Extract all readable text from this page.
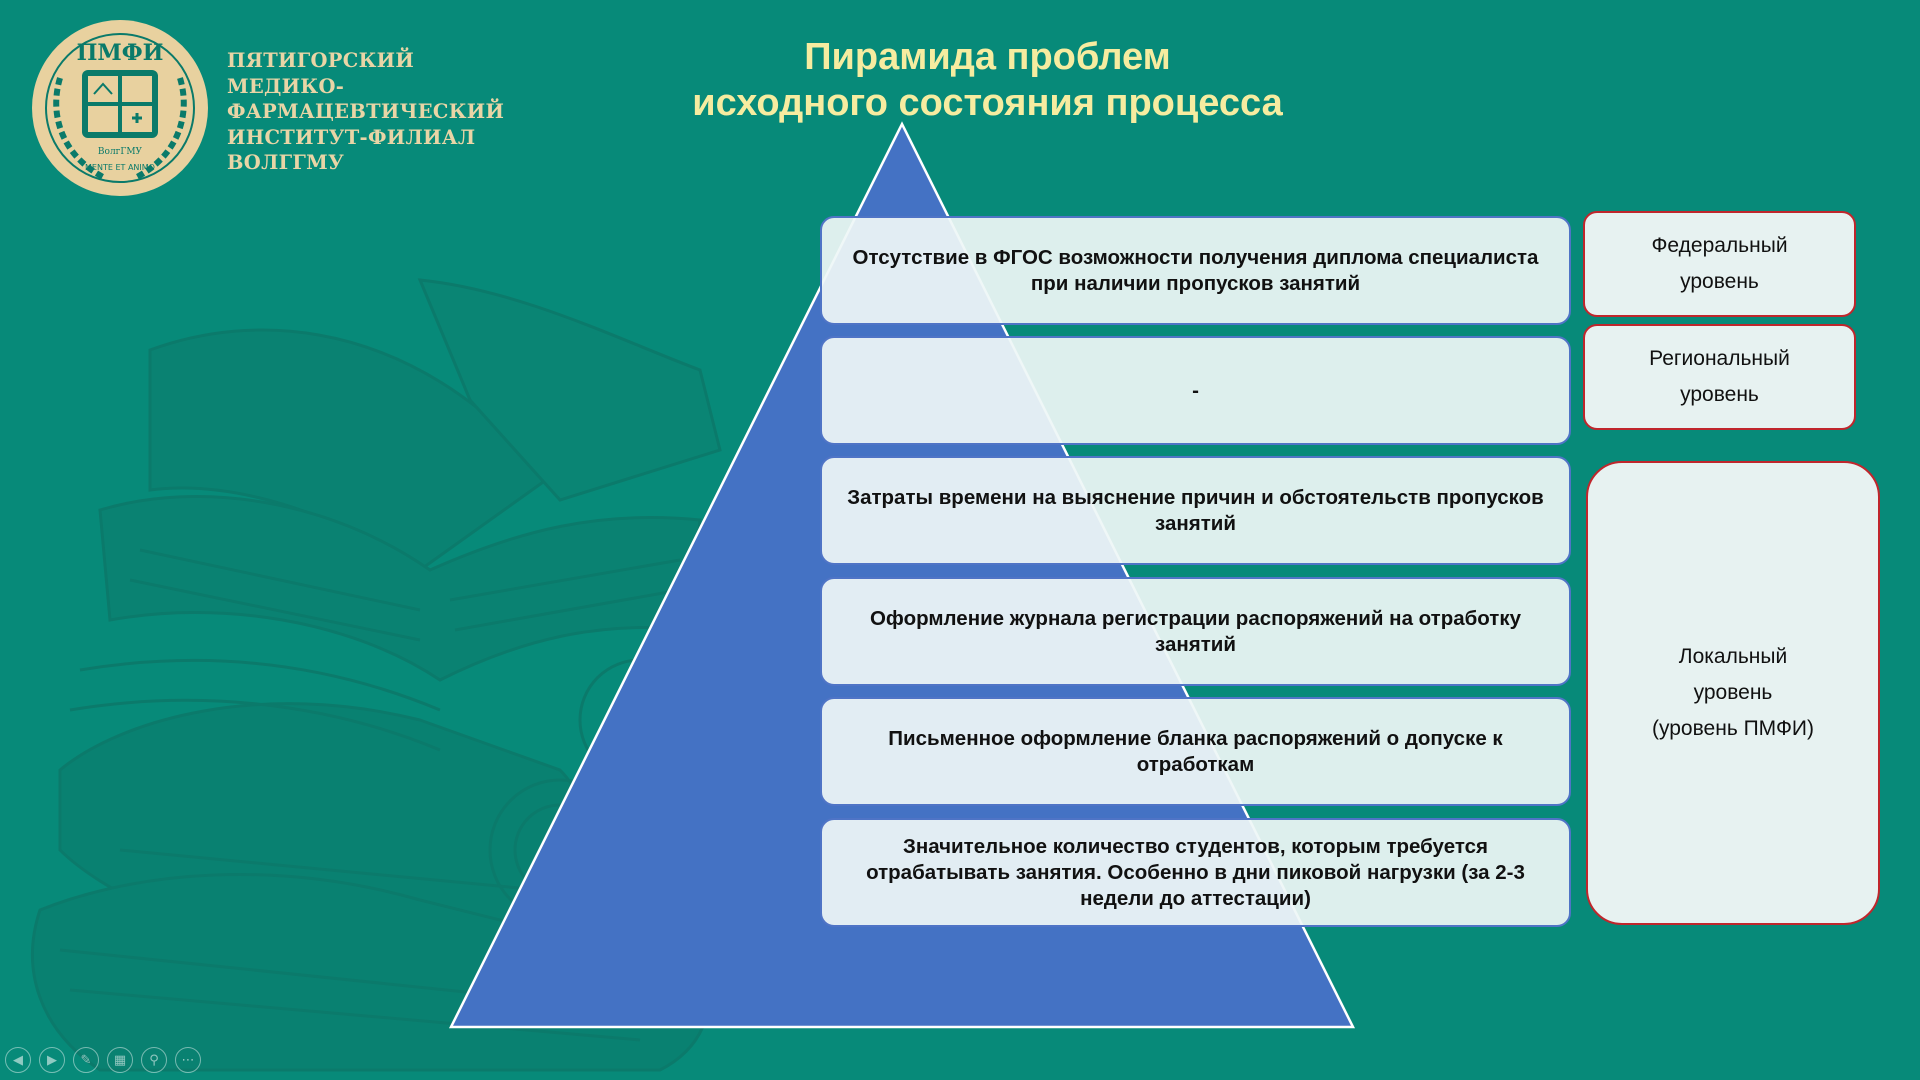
ПМФИ
ВолгГМУ
MENTE ET ANIMO
ПЯТИГОРСКИЙ
МЕДИКО-
ФАРМАЦЕВТИЧЕСКИЙ
ИНСТИТУТ-ФИЛИАЛ
ВОЛГГМУ
Пирамида проблем
исходного состояния процесса
Отсутствие в ФГОС возможности получения диплома специалиста при наличии пропусков занятий
-
Затраты времени на выяснение причин и обстоятельств пропусков занятий
Оформление журнала регистрации распоряжений на отработку занятий
Письменное оформление бланка распоряжений о допуске к отработкам
Значительное количество студентов, которым требуется отрабатывать занятия. Особенно в дни пиковой нагрузки (за 2-3 недели до аттестации)
Федеральный
уровень
Региональный
уровень
Локальный
уровень
(уровень ПМФИ)
◀	▶	✎	▦	⚲	⋯
